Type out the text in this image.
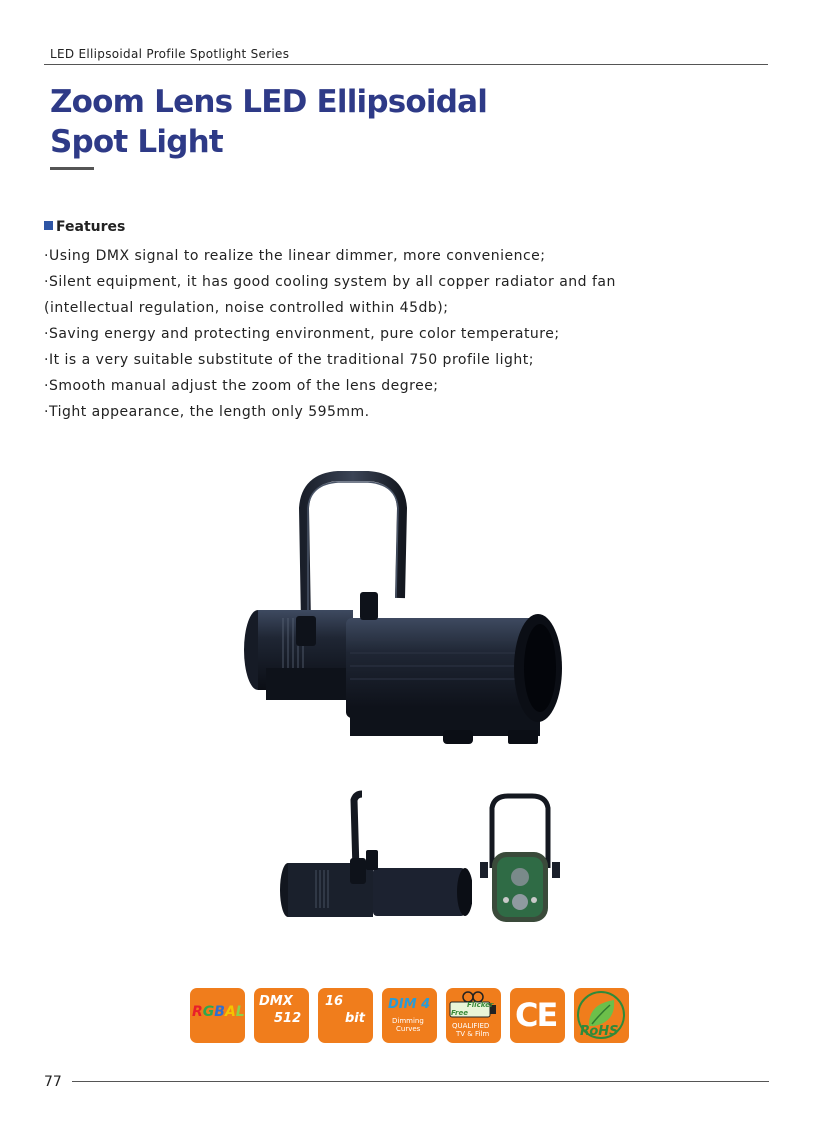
LED Ellipsoidal Profile Spotlight Series
Zoom Lens LED Ellipsoidal
Spot Light
Features
·Using DMX signal to realize the linear dimmer, more convenience;
·Silent equipment, it has good cooling system by all copper radiator and fan
(intellectual regulation, noise controlled within 45db);
·Saving energy and protecting environment, pure color temperature;
·It is a very suitable substitute of the traditional 750 profile light;
·Smooth manual adjust the zoom of the lens degree;
·Tight appearance, the length only 595mm.
RGBAL
DMX
512
16
bit
DIM 4
Dimming
Curves
Flicker
Free
QUALIFIED
TV & Film CE RoHS
77
